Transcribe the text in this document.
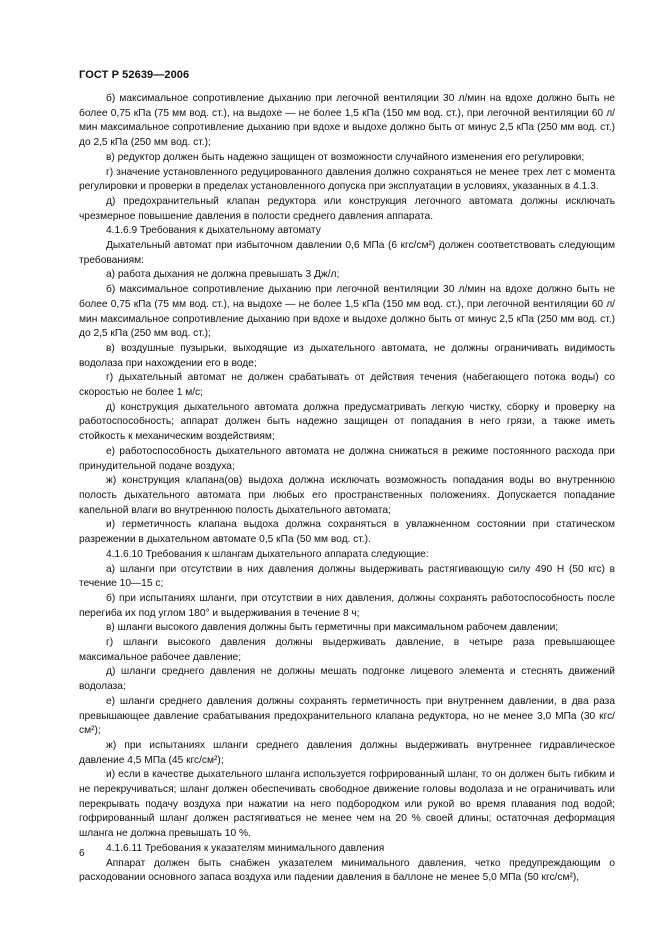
ГОСТ Р 52639—2006

б) максимальное сопротивление дыханию при легочной вентиляции 30 л/мин на вдохе должно быть не более 0,75 кПа (75 мм вод. ст.), на выдохе — не более 1,5 кПа (150 мм вод. ст.), при легочной вентиляции 60 л/мин максимальное сопротивление дыханию при вдохе и выдохе должно быть от минус 2,5 кПа (250 мм вод. ст.) до 2,5 кПа (250 мм вод. ст.);

в) редуктор должен быть надежно защищен от возможности случайного изменения его регулировки;

г) значение установленного редуцированного давления должно сохраняться не менее трех лет с момента регулировки и проверки в пределах установленного допуска при эксплуатации в условиях, указанных в 4.1.3.

д) предохранительный клапан редуктора или конструкция легочного автомата должны исключать чрезмерное повышение давления в полости среднего давления аппарата.

4.1.6.9 Требования к дыхательному автомату

Дыхательный автомат при избыточном давлении 0,6 МПа (6 кгс/см²) должен соответствовать следующим требованиям:

а) работа дыхания не должна превышать 3 Дж/л;

б) максимальное сопротивление дыханию при легочной вентиляции 30 л/мин на вдохе должно быть не более 0,75 кПа (75 мм вод. ст.), на выдохе — не более 1,5 кПа (150 мм вод. ст.), при легочной вентиляции 60 л/мин максимальное сопротивление дыханию при вдохе и выдохе должно быть от минус 2,5 кПа (250 мм вод. ст.) до 2,5 кПа (250 мм вод. ст.);

в) воздушные пузырьки, выходящие из дыхательного автомата, не должны ограничивать видимость водолаза при нахождении его в воде;

г) дыхательный автомат не должен срабатывать от действия течения (набегающего потока воды) со скоростью не более 1 м/с;

д) конструкция дыхательного автомата должна предусматривать легкую чистку, сборку и проверку на работоспособность; аппарат должен быть надежно защищен от попадания в него грязи, а также иметь стойкость к механическим воздействиям;

е) работоспособность дыхательного автомата не должна снижаться в режиме постоянного расхода при принудительной подаче воздуха;

ж) конструкция клапана(ов) выдоха должна исключать возможность попадания воды во внутреннюю полость дыхательного автомата при любых его пространственных положениях. Допускается попадание капельной влаги во внутреннюю полость дыхательного автомата;

и) герметичность клапана выдоха должна сохраняться в увлажненном состоянии при статическом разрежении в дыхательном автомате 0,5 кПа (50 мм вод. ст.).

4.1.6.10 Требования к шлангам дыхательного аппарата следующие:

а) шланги при отсутствии в них давления должны выдерживать растягивающую силу 490 Н (50 кгс) в течение 10—15 с;

б) при испытаниях шланги, при отсутствии в них давления, должны сохранять работоспособность после перегиба их под углом 180° и выдерживания в течение 8 ч;

в) шланги высокого давления должны быть герметичны при максимальном рабочем давлении;

г) шланги высокого давления должны выдерживать давление, в четыре раза превышающее максимальное рабочее давление;

д) шланги среднего давления не должны мешать подгонке лицевого элемента и стеснять движений водолаза;

е) шланги среднего давления должны сохранять герметичность при внутреннем давлении, в два раза превышающее давление срабатывания предохранительного клапана редуктора, но не менее 3,0 МПа (30 кгс/см²);

ж) при испытаниях шланги среднего давления должны выдерживать внутреннее гидравлическое давление 4,5 МПа (45 кгс/см²);

и) если в качестве дыхательного шланга используется гофрированный шланг, то он должен быть гибким и не перекручиваться; шланг должен обеспечивать свободное движение головы водолаза и не ограничивать или перекрывать подачу воздуха при нажатии на него подбородком или рукой во время плавания под водой; гофрированный шланг должен растягиваться не менее чем на 20 % своей длины; остаточная деформация шланга не должна превышать 10 %.

4.1.6.11 Требования к указателям минимального давления

Аппарат должен быть снабжен указателем минимального давления, четко предупреждающим о расходовании основного запаса воздуха или падении давления в баллоне не менее 5,0 МПа (50 кгс/см²),

6
